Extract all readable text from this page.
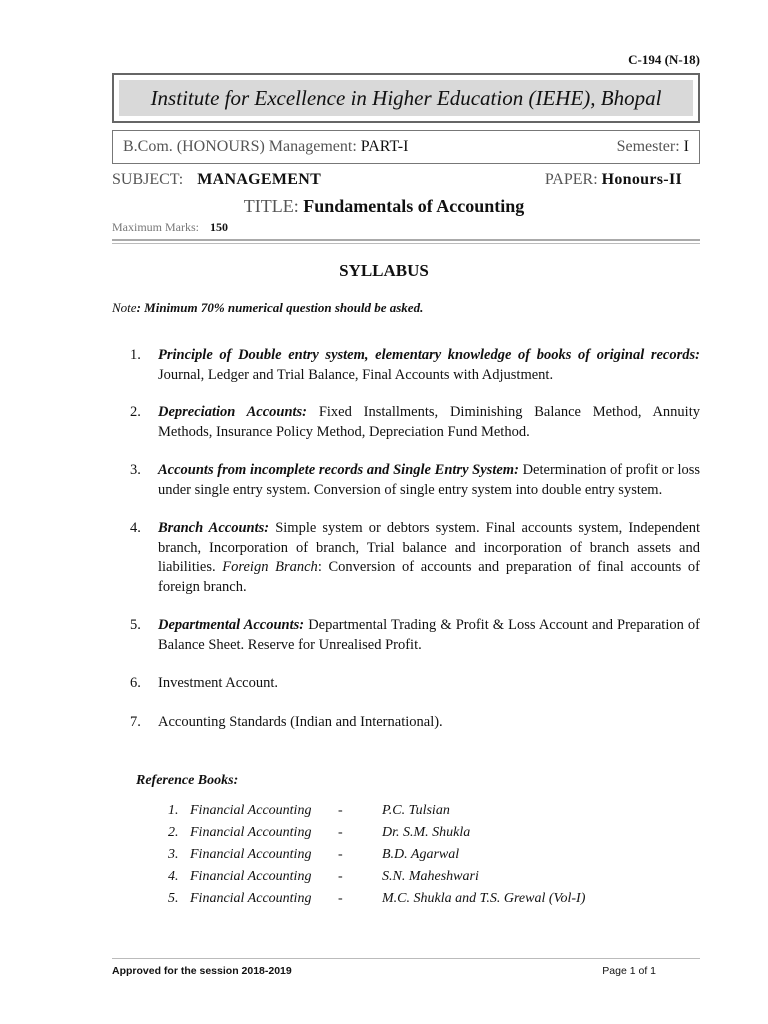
C-194 (N-18)
Institute for Excellence in Higher Education (IEHE), Bhopal
B.Com. (HONOURS) Management: PART-I	Semester: I
SUBJECT: MANAGEMENT	PAPER: Honours-II
TITLE: Fundamentals of Accounting
Maximum Marks: 150
SYLLABUS
Note: Minimum 70% numerical question should be asked.
1.	Principle of Double entry system, elementary knowledge of books of original records: Journal, Ledger and Trial Balance, Final Accounts with Adjustment.
2.	Depreciation Accounts: Fixed Installments, Diminishing Balance Method, Annuity Methods, Insurance Policy Method, Depreciation Fund Method.
3.	Accounts from incomplete records and Single Entry System: Determination of profit or loss under single entry system. Conversion of single entry system into double entry system.
4.	Branch Accounts: Simple system or debtors system. Final accounts system, Independent branch, Incorporation of branch, Trial balance and incorporation of branch assets and liabilities. Foreign Branch: Conversion of accounts and preparation of final accounts of foreign branch.
5.	Departmental Accounts: Departmental Trading & Profit & Loss Account and Preparation of Balance Sheet. Reserve for Unrealised Profit.
6.	Investment Account.
7.	Accounting Standards (Indian and International).
Reference Books:
1. Financial Accounting	-	P.C. Tulsian
2. Financial Accounting	-	Dr. S.M. Shukla
3. Financial Accounting	-	B.D. Agarwal
4. Financial Accounting	-	S.N. Maheshwari
5. Financial Accounting	-	M.C. Shukla and T.S. Grewal (Vol-I)
Approved for the session 2018-2019	Page 1 of 1
